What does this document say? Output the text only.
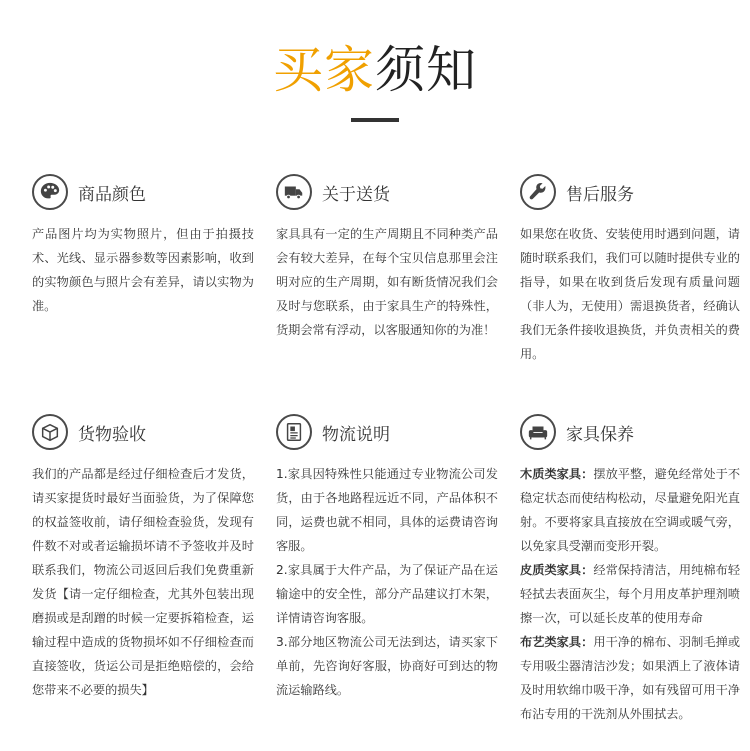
买家须知
商品颜色

产品图片均为实物照片，但由于拍摄技术、光线、显示器参数等因素影响，收到的实物颜色与照片会有差异，请以实物为准。

关于送货

家具具有一定的生产周期且不同种类产品会有较大差异，在每个宝贝信息那里会注明对应的生产周期，如有断货情况我们会及时与您联系，由于家具生产的特殊性，货期会常有浮动，以客服通知你的为准！

售后服务

如果您在收货、安装使用时遇到问题，请随时联系我们，我们可以随时提供专业的指导，如果在收到货后发现有质量问题（非人为，无使用）需退换货者，经确认我们无条件接收退换货，并负责相关的费用。

货物验收

我们的产品都是经过仔细检查后才发货，请买家提货时最好当面验货，为了保障您的权益签收前，请仔细检查验货，发现有件数不对或者运输损坏请不予签收并及时联系我们，物流公司返回后我们免费重新发货【请一定仔细检查，尤其外包装出现磨损或是刮蹭的时候一定要拆箱检查，运输过程中造成的货物损坏如不仔细检查而直接签收，货运公司是拒绝赔偿的，会给您带来不必要的损失】

物流说明

1.家具因特殊性只能通过专业物流公司发货，由于各地路程远近不同，产品体积不同，运费也就不相同，具体的运费请咨询客服。

2.家具属于大件产品，为了保证产品在运输途中的安全性，部分产品建议打木架，详情请咨询客服。

3.部分地区物流公司无法到达，请买家下单前，先咨询好客服，协商好可到达的物流运输路线。

家具保养

木质类家具：摆放平整，避免经常处于不稳定状态而使结构松动，尽量避免阳光直射。不要将家具直接放在空调或暖气旁，以免家具受潮而变形开裂。

皮质类家具：经常保持清洁，用纯棉布轻轻拭去表面灰尘，每个月用皮革护理剂喷擦一次，可以延长皮革的使用寿命

布艺类家具：用干净的棉布、羽制毛掸或专用吸尘器清洁沙发；如果洒上了液体请及时用软绵巾吸干净，如有残留可用干净布沾专用的干洗剂从外围拭去。
